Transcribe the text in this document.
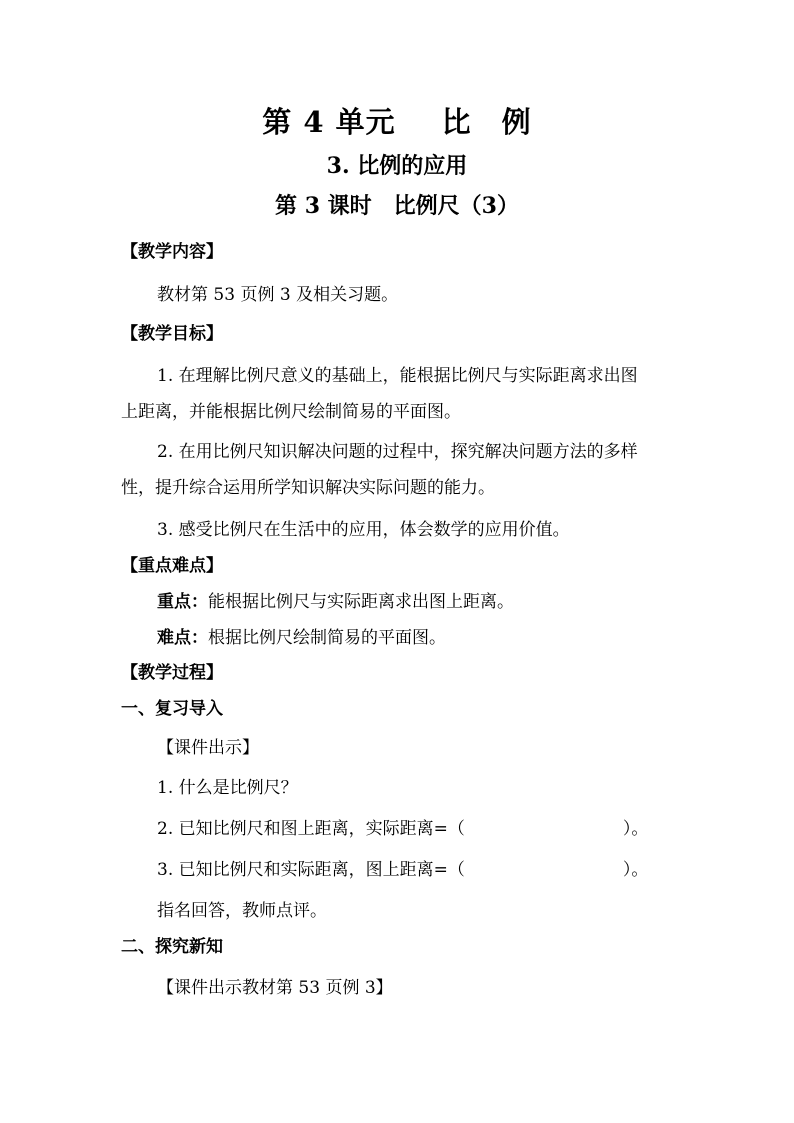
第 4 单元 比　例
3. 比例的应用
第 3 课时　比例尺（3）
【教学内容】
教材第 53 页例 3 及相关习题。
【教学目标】
1. 在理解比例尺意义的基础上，能根据比例尺与实际距离求出图
上距离，并能根据比例尺绘制简易的平面图。
2. 在用比例尺知识解决问题的过程中，探究解决问题方法的多样
性，提升综合运用所学知识解决实际问题的能力。
3. 感受比例尺在生活中的应用，体会数学的应用价值。
【重点难点】
重点：能根据比例尺与实际距离求出图上距离。
难点：根据比例尺绘制简易的平面图。
【教学过程】
一、复习导入
【课件出示】
1. 什么是比例尺？
2. 已知比例尺和图上距离，实际距离=（	）。
3. 已知比例尺和实际距离，图上距离=（	）。
指名回答，教师点评。
二、探究新知
【课件出示教材第 53 页例 3】
